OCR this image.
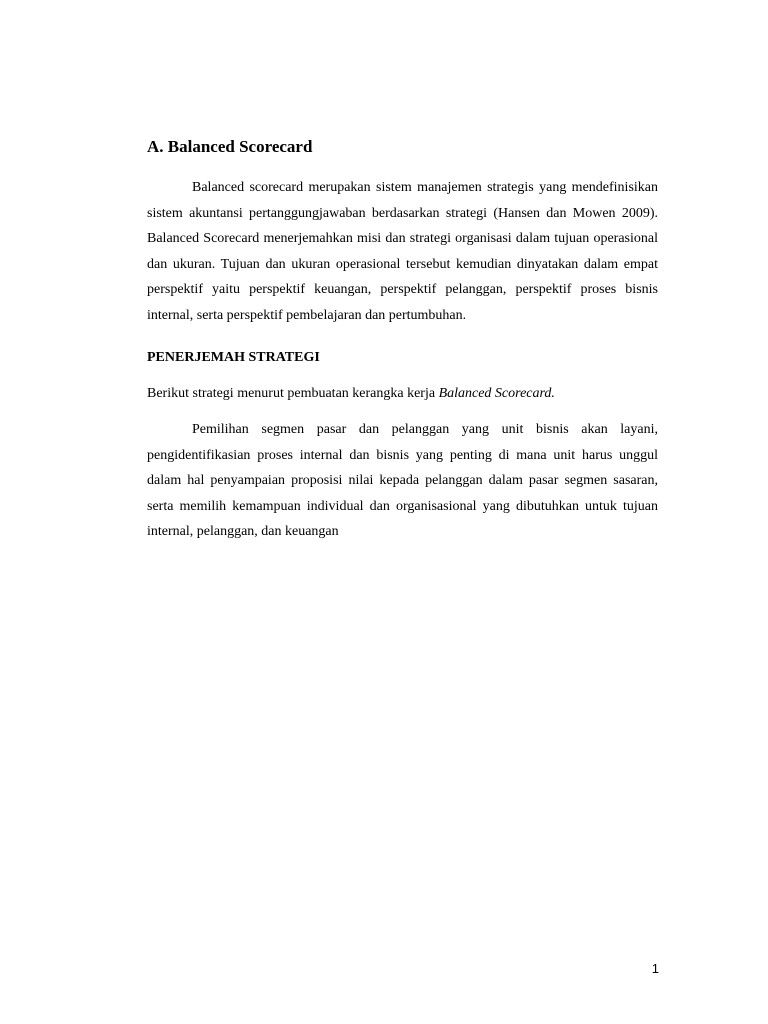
A. Balanced Scorecard

Balanced scorecard merupakan sistem manajemen strategis yang mendefinisikan sistem akuntansi pertanggungjawaban berdasarkan strategi (Hansen dan Mowen 2009). Balanced Scorecard menerjemahkan misi dan strategi organisasi dalam tujuan operasional dan ukuran. Tujuan dan ukuran operasional tersebut kemudian dinyatakan dalam empat perspektif yaitu perspektif keuangan, perspektif pelanggan, perspektif proses bisnis internal, serta perspektif pembelajaran dan pertumbuhan.

PENERJEMAH STRATEGI

Berikut strategi menurut pembuatan kerangka kerja Balanced Scorecard.

Pemilihan segmen pasar dan pelanggan yang unit bisnis akan layani, pengidentifikasian proses internal dan bisnis yang penting di mana unit harus unggul dalam hal penyampaian proposisi nilai kepada pelanggan dalam pasar segmen sasaran, serta memilih kemampuan individual dan organisasional yang dibutuhkan untuk tujuan internal, pelanggan, dan keuangan

1
